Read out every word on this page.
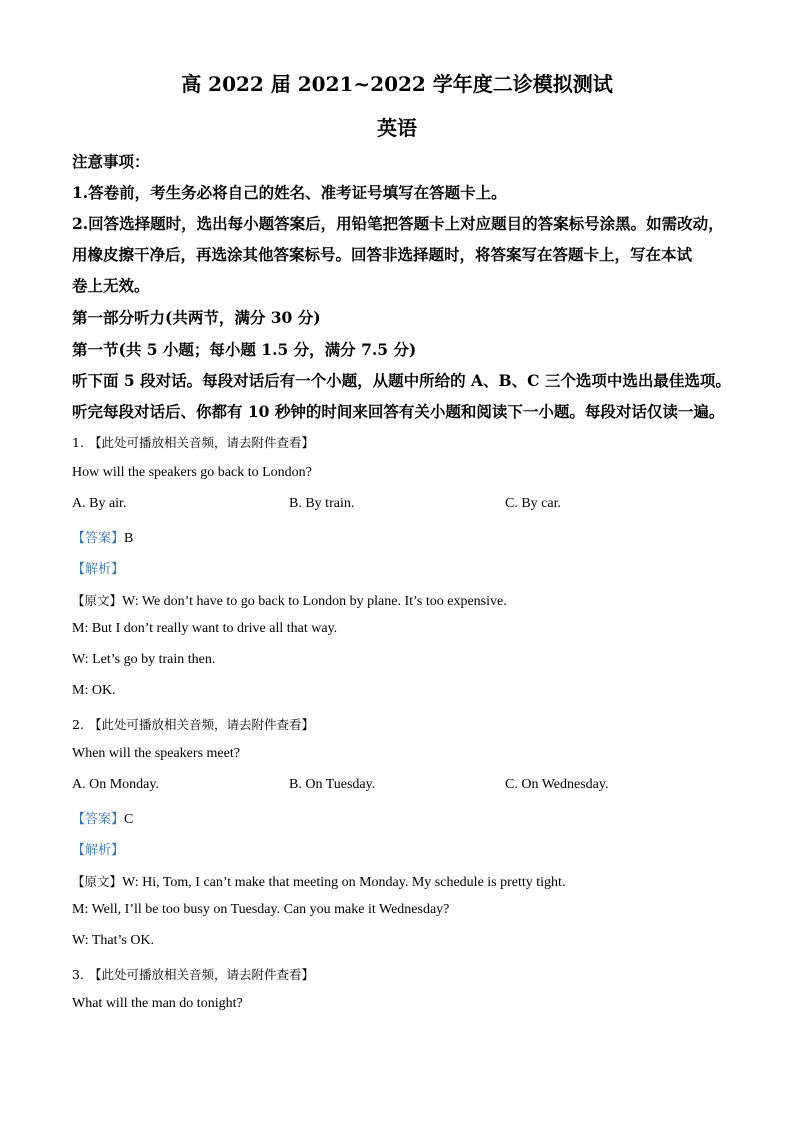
高 2022 届 2021~2022 学年度二诊模拟测试
英语
注意事项：
1.答卷前，考生务必将自己的姓名、准考证号填写在答题卡上。
2.回答选择题时，选出每小题答案后，用铅笔把答题卡上对应题目的答案标号涂黑。如需改动，
用橡皮擦干净后，再选涂其他答案标号。回答非选择题时，将答案写在答题卡上，写在本试
卷上无效。
第一部分听力(共两节，满分 30 分)
第一节(共 5 小题；每小题 1.5 分，满分 7.5 分)
听下面 5 段对话。每段对话后有一个小题，从题中所给的 A、B、C 三个选项中选出最佳选项。
听完每段对话后、你都有 10 秒钟的时间来回答有关小题和阅读下一小题。每段对话仅读一遍。
1. 【此处可播放相关音频，请去附件查看】
How will the speakers go back to London?
A. By air.	B. By train.	C. By car.
【答案】B
【解析】
【原文】W: We don’t have to go back to London by plane. It’s too expensive.
M: But I don’t really want to drive all that way.
W: Let’s go by train then.
M: OK.
2. 【此处可播放相关音频，请去附件查看】
When will the speakers meet?
A. On Monday.	B. On Tuesday.	C. On Wednesday.
【答案】C
【解析】
【原文】W: Hi, Tom, I can’t make that meeting on Monday. My schedule is pretty tight.
M: Well, I’ll be too busy on Tuesday. Can you make it Wednesday?
W: That’s OK.
3. 【此处可播放相关音频，请去附件查看】
What will the man do tonight?
